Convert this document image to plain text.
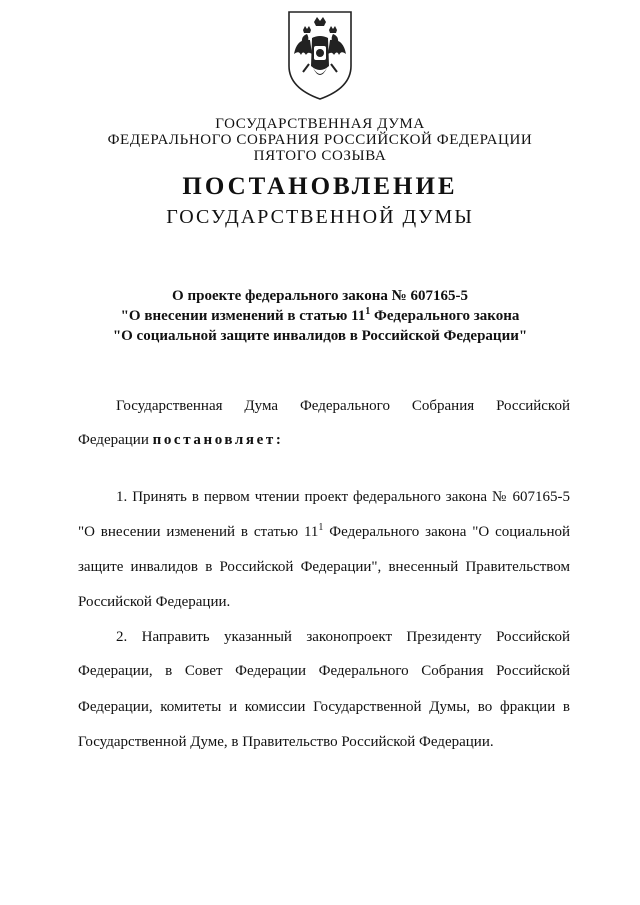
ГОСУДАРСТВЕННАЯ ДУМА
ФЕДЕРАЛЬНОГО СОБРАНИЯ РОССИЙСКОЙ ФЕДЕРАЦИИ
ПЯТОГО СОЗЫВА
ПОСТАНОВЛЕНИЕ
ГОСУДАРСТВЕННОЙ ДУМЫ
О проекте федерального закона № 607165-5
"О внесении изменений в статью $11^1$ Федерального закона
"О социальной защите инвалидов в Российской Федерации"
Государственная Дума Федерального Собрания Российской
Федерации постановляет:
1. Принять в первом чтении проект федерального закона № 607165-5
"О внесении изменений в статью $11^1$ Федерального закона "О социальной
защите инвалидов в Российской Федерации", внесенный Правительством
Российской Федерации.
2. Направить указанный законопроект Президенту Российской
Федерации, в Совет Федерации Федерального Собрания Российской
Федерации, комитеты и комиссии Государственной Думы, во фракции в
Государственной Думе, в Правительство Российской Федерации.
